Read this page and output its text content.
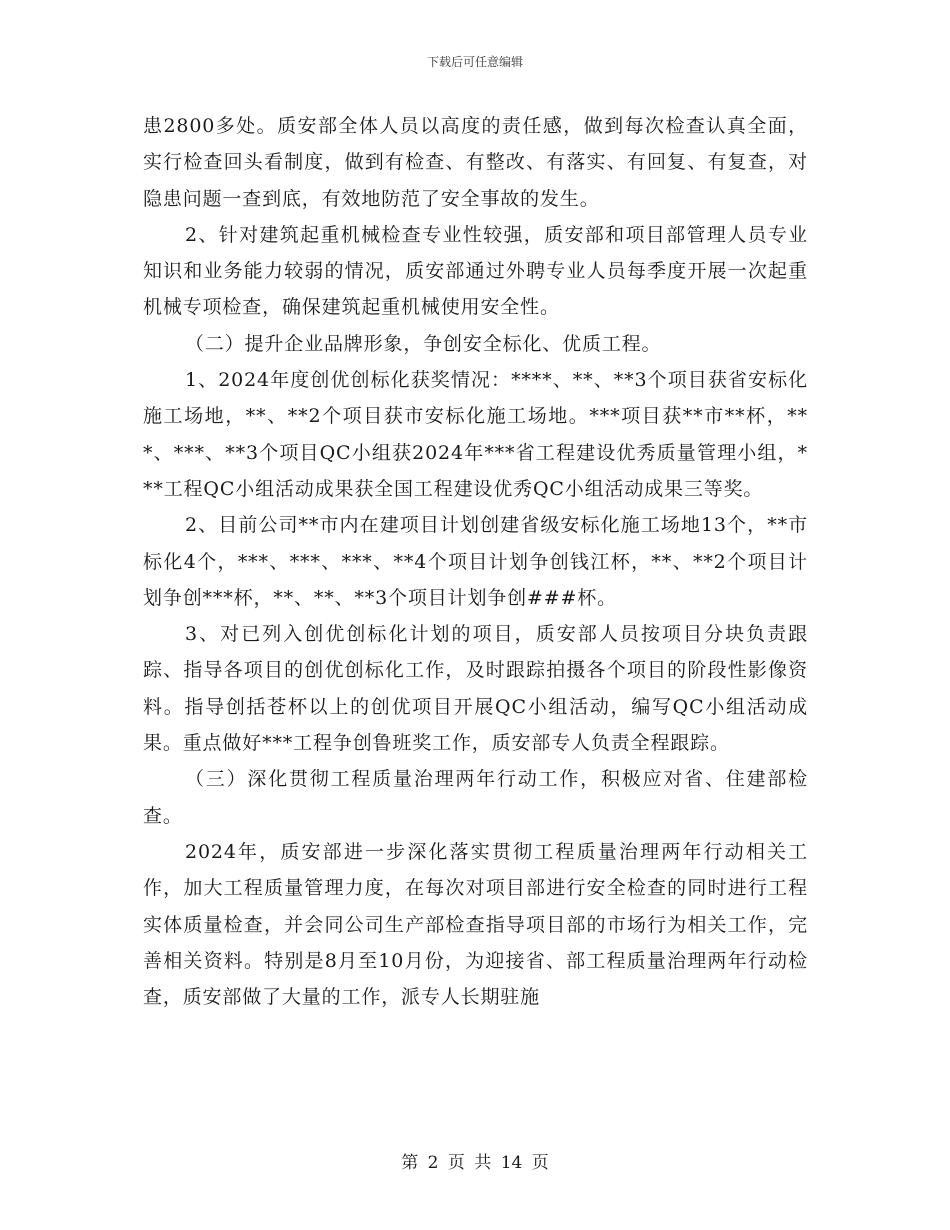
下载后可任意编辑

患2800多处。质安部全体人员以高度的责任感，做到每次检查认真全面，实行检查回头看制度，做到有检查、有整改、有落实、有回复、有复查，对隐患问题一查到底，有效地防范了安全事故的发生。

2、针对建筑起重机械检查专业性较强，质安部和项目部管理人员专业知识和业务能力较弱的情况，质安部通过外聘专业人员每季度开展一次起重机械专项检查，确保建筑起重机械使用安全性。

（二）提升企业品牌形象，争创安全标化、优质工程。

1、2024年度创优创标化获奖情况：****、**、**3个项目获省安标化施工场地，**、**2个项目获市安标化施工场地。***项目获**市**杯，***、***、**3个项目QC小组获2024年***省工程建设优秀质量管理小组，***工程QC小组活动成果获全国工程建设优秀QC小组活动成果三等奖。

2、目前公司**市内在建项目计划创建省级安标化施工场地13个，**市标化4个，***、***、***、**4个项目计划争创钱江杯，**、**2个项目计划争创***杯，**、**、**3个项目计划争创###杯。

3、对已列入创优创标化计划的项目，质安部人员按项目分块负责跟踪、指导各项目的创优创标化工作，及时跟踪拍摄各个项目的阶段性影像资料。指导创括苍杯以上的创优项目开展QC小组活动，编写QC小组活动成果。重点做好***工程争创鲁班奖工作，质安部专人负责全程跟踪。

（三）深化贯彻工程质量治理两年行动工作，积极应对省、住建部检查。

2024年，质安部进一步深化落实贯彻工程质量治理两年行动相关工作，加大工程质量管理力度，在每次对项目部进行安全检查的同时进行工程实体质量检查，并会同公司生产部检查指导项目部的市场行为相关工作，完善相关资料。特别是8月至10月份，为迎接省、部工程质量治理两年行动检查，质安部做了大量的工作，派专人长期驻施

第 2 页 共 14 页
